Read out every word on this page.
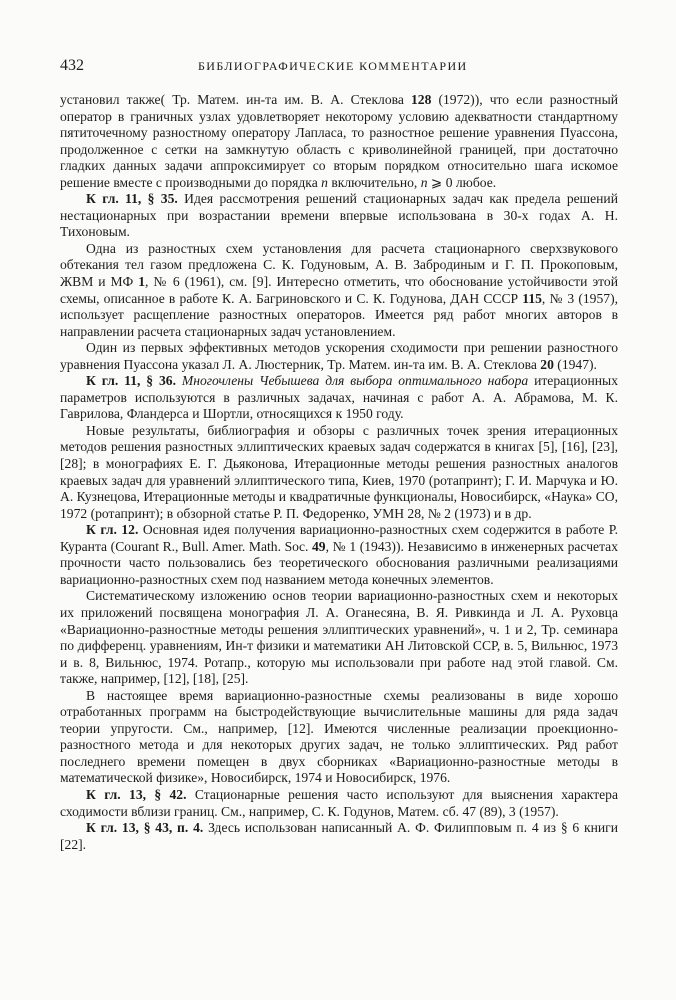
432	БИБЛИОГРАФИЧЕСКИЕ КОММЕНТАРИИ

установил также( Тр. Матем. ин-та им. В. А. Стеклова 128 (1972)), что если разностный оператор в граничных узлах удовлетворяет некоторому условию адекватности стандартному пятиточечному разностному оператору Лапласа, то разностное решение уравнения Пуассона, продолженное с сетки на замкнутую область с криволинейной границей, при достаточно гладких данных задачи аппроксимирует со вторым порядком относительно шага искомое решение вместе с производными до порядка n включительно, n ⩾ 0 любое.

К гл. 11, § 35. Идея рассмотрения решений стационарных задач как предела решений нестационарных при возрастании времени впервые использована в 30-х годах А. Н. Тихоновым.

Одна из разностных схем установления для расчета стационарного сверхзвукового обтекания тел газом предложена С. К. Годуновым, А. В. Забродиным и Г. П. Прокоповым, ЖВМ и МФ 1, № 6 (1961), см. [9]. Интересно отметить, что обоснование устойчивости этой схемы, описанное в работе К. А. Багриновского и С. К. Годунова, ДАН СССР 115, № 3 (1957), использует расщепление разностных операторов. Имеется ряд работ многих авторов в направлении расчета стационарных задач установлением.

Один из первых эффективных методов ускорения сходимости при решении разностного уравнения Пуассона указал Л. А. Люстерник, Тр. Матем. ин-та им. В. А. Стеклова 20 (1947).

К гл. 11, § 36. Многочлены Чебышева для выбора оптимального набора итерационных параметров используются в различных задачах, начиная с работ А. А. Абрамова, М. К. Гаврилова, Фландерса и Шортли, относящихся к 1950 году.

Новые результаты, библиография и обзоры с различных точек зрения итерационных методов решения разностных эллиптических краевых задач содержатся в книгах [5], [16], [23], [28]; в монографиях Е. Г. Дьяконова, Итерационные методы решения разностных аналогов краевых задач для уравнений эллиптического типа, Киев, 1970 (ротапринт); Г. И. Марчука и Ю. А. Кузнецова, Итерационные методы и квадратичные функционалы, Новосибирск, «Наука» СО, 1972 (ротапринт); в обзорной статье Р. П. Федоренко, УМН 28, № 2 (1973) и в др.

К гл. 12. Основная идея получения вариационно-разностных схем содержится в работе Р. Куранта (Courant R., Bull. Amer. Math. Soc. 49, № 1 (1943)). Независимо в инженерных расчетах прочности часто пользовались без теоретического обоснования различными реализациями вариационно-разностных схем под названием метода конечных элементов.

Систематическому изложению основ теории вариационно-разностных схем и некоторых их приложений посвящена монография Л. А. Оганесяна, В. Я. Ривкинда и Л. А. Руховца «Вариационно-разностные методы решения эллиптических уравнений», ч. 1 и 2, Тр. семинара по дифференц. уравнениям, Ин-т физики и математики АН Литовской ССР, в. 5, Вильнюс, 1973 и в. 8, Вильнюс, 1974. Ротапр., которую мы использовали при работе над этой главой. См. также, например, [12], [18], [25].

В настоящее время вариационно-разностные схемы реализованы в виде хорошо отработанных программ на быстродействующие вычислительные машины для ряда задач теории упругости. См., например, [12]. Имеются численные реализации проекционно-разностного метода и для некоторых других задач, не только эллиптических. Ряд работ последнего времени помещен в двух сборниках «Вариационно-разностные методы в математической физике», Новосибирск, 1974 и Новосибирск, 1976.

К гл. 13, § 42. Стационарные решения часто используют для выяснения характера сходимости вблизи границ. См., например, С. К. Годунов, Матем. сб. 47 (89), 3 (1957).

К гл. 13, § 43, п. 4. Здесь использован написанный А. Ф. Филипповым п. 4 из § 6 книги [22].
